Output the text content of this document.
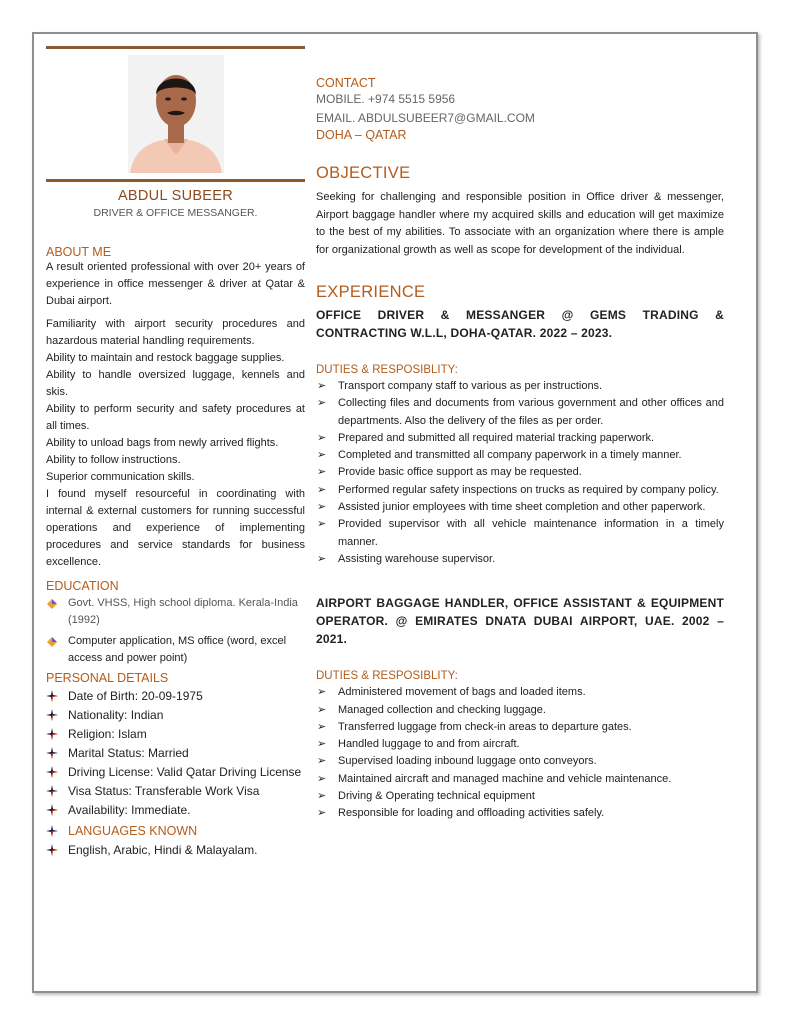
ABDUL SUBEER
DRIVER & OFFICE MESSANGER.
ABOUT ME

A result oriented professional with over 20+ years of experience in office messenger & driver at Qatar & Dubai airport.

Familiarity with airport security procedures and hazardous material handling requirements.

Ability to maintain and restock baggage supplies.

Ability to handle oversized luggage, kennels and skis.

Ability to perform security and safety procedures at all times.

Ability to unload bags from newly arrived flights.

Ability to follow instructions.

Superior communication skills.

I found myself resourceful in coordinating with internal & external customers for running successful operations and experience of implementing procedures and service standards for business excellence.

EDUCATION
Govt. VHSS, High school diploma. Kerala-India (1992)
Computer application, MS office (word, excel access and power point)
PERSONAL DETAILS
Date of Birth: 20-09-1975
Nationality: Indian
Religion: Islam
Marital Status: Married
Driving License: Valid Qatar Driving License
Visa Status: Transferable Work Visa
Availability: Immediate.
LANGUAGES KNOWN
English, Arabic, Hindi & Malayalam.
CONTACT
MOBILE. +974 5515 5956
EMAIL. ABDULSUBEER7@GMAIL.COM
DOHA – QATAR
OBJECTIVE

Seeking for challenging and responsible position in Office driver & messenger, Airport baggage handler where my acquired skills and education will get maximize to the best of my abilities. To associate with an organization where there is ample for organizational growth as well as scope for development of the individual.

EXPERIENCE
OFFICE DRIVER & MESSANGER @ GEMS TRADING & CONTRACTING W.L.L, DOHA-QATAR. 2022 – 2023.
DUTIES & RESPOSIBLITY:
➢ Transport company staff to various as per instructions.
➢ Collecting files and documents from various government and other offices and departments. Also the delivery of the files as per order.
➢ Prepared and submitted all required material tracking paperwork.
➢ Completed and transmitted all company paperwork in a timely manner.
➢ Provide basic office support as may be requested.
➢ Performed regular safety inspections on trucks as required by company policy.
➢ Assisted junior employees with time sheet completion and other paperwork.
➢ Provided supervisor with all vehicle maintenance information in a timely manner.
➢ Assisting warehouse supervisor.
AIRPORT BAGGAGE HANDLER, OFFICE ASSISTANT & EQUIPMENT OPERATOR. @ EMIRATES DNATA DUBAI AIRPORT, UAE. 2002 – 2021.
DUTIES & RESPOSIBLITY:
➢ Administered movement of bags and loaded items.
➢ Managed collection and checking luggage.
➢ Transferred luggage from check-in areas to departure gates.
➢ Handled luggage to and from aircraft.
➢ Supervised loading inbound luggage onto conveyors.
➢ Maintained aircraft and managed machine and vehicle maintenance.
➢ Driving & Operating technical equipment
➢ Responsible for loading and offloading activities safely.
